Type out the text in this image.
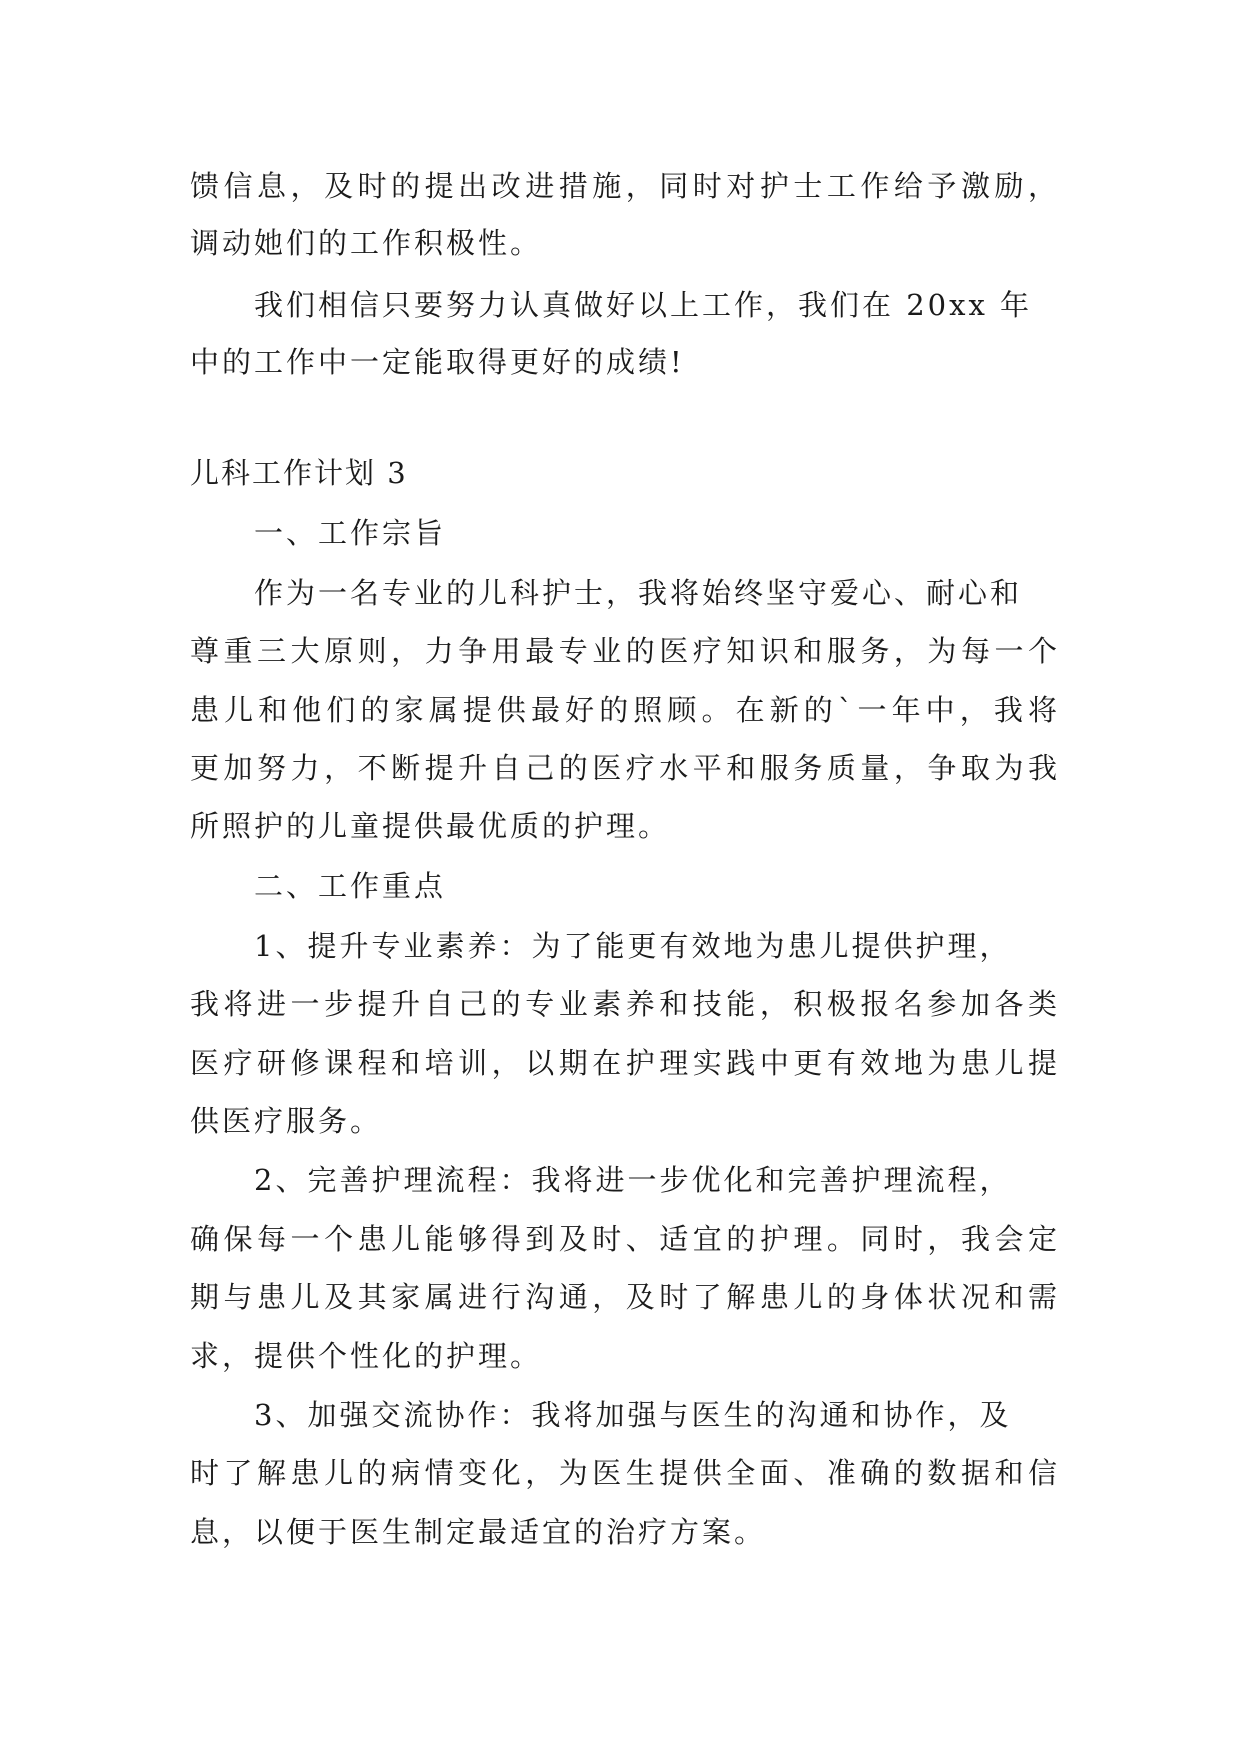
馈信息，及时的提出改进措施，同时对护士工作给予激励，
调动她们的工作积极性。
我们相信只要努力认真做好以上工作，我们在 20xx 年
中的工作中一定能取得更好的成绩!
儿科工作计划 3
一、工作宗旨
作为一名专业的儿科护士，我将始终坚守爱心、耐心和
尊重三大原则，力争用最专业的医疗知识和服务，为每一个
患儿和他们的家属提供最好的照顾。在新的`一年中，我将
更加努力，不断提升自己的医疗水平和服务质量，争取为我
所照护的儿童提供最优质的护理。
二、工作重点
1、提升专业素养：为了能更有效地为患儿提供护理，
我将进一步提升自己的专业素养和技能，积极报名参加各类
医疗研修课程和培训，以期在护理实践中更有效地为患儿提
供医疗服务。
2、完善护理流程：我将进一步优化和完善护理流程，
确保每一个患儿能够得到及时、适宜的护理。同时，我会定
期与患儿及其家属进行沟通，及时了解患儿的身体状况和需
求，提供个性化的护理。
3、加强交流协作：我将加强与医生的沟通和协作，及
时了解患儿的病情变化，为医生提供全面、准确的数据和信
息，以便于医生制定最适宜的治疗方案。
